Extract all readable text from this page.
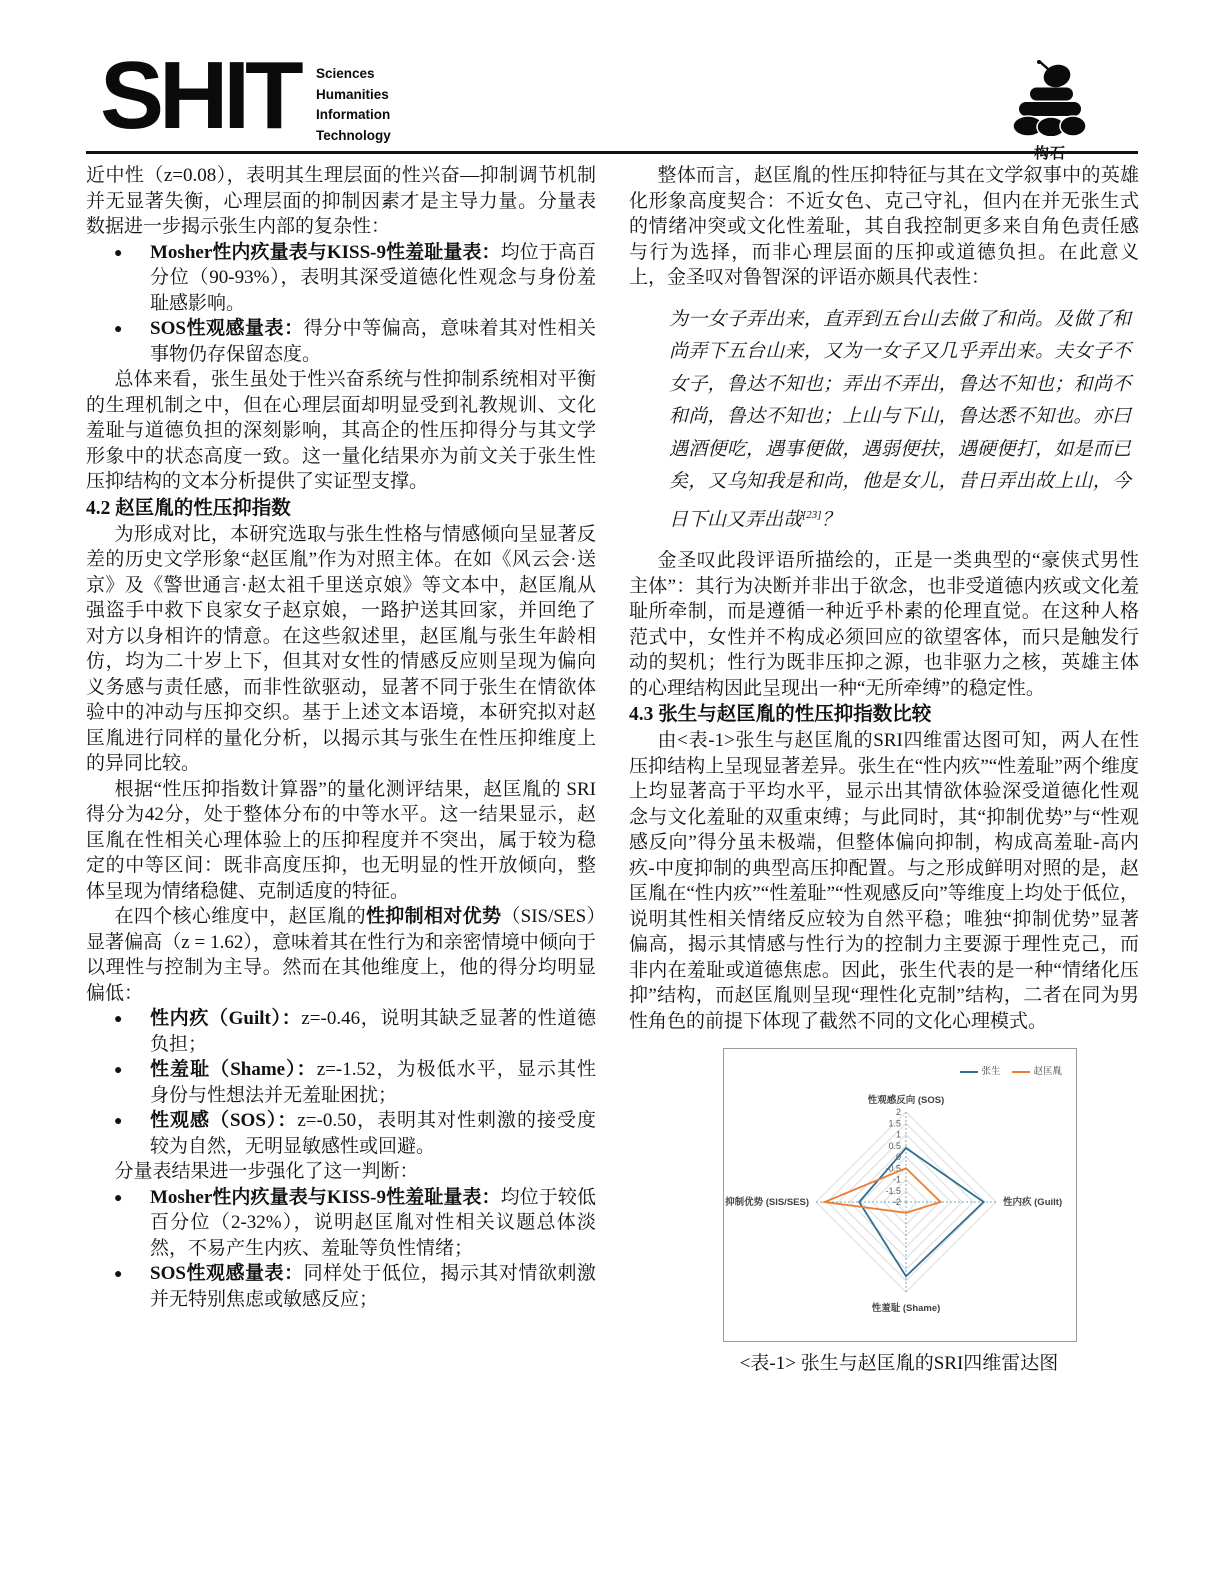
SHIT Sciences
Humanities
Information
Technology

近中性（z=0.08），表明其生理层面的性兴奋—抑制调节机制并无显著失衡，心理层面的抑制因素才是主导力量。分量表数据进一步揭示张生内部的复杂性：

● Mosher性内疚量表与KISS-9性羞耻量表：均位于高百分位（90-93%），表明其深受道德化性观念与身份羞耻感影响。
● SOS性观感量表：得分中等偏高，意味着其对性相关事物仍存保留态度。

总体来看，张生虽处于性兴奋系统与性抑制系统相对平衡的生理机制之中，但在心理层面却明显受到礼教规训、文化羞耻与道德负担的深刻影响，其高企的性压抑得分与其文学形象中的状态高度一致。这一量化结果亦为前文关于张生性压抑结构的文本分析提供了实证型支撑。

4.2 赵匡胤的性压抑指数

为形成对比，本研究选取与张生性格与情感倾向呈显著反差的历史文学形象“赵匡胤”作为对照主体。在如《风云会·送京》及《警世通言·赵太祖千里送京娘》等文本中，赵匡胤从强盗手中救下良家女子赵京娘，一路护送其回家，并回绝了对方以身相许的情意。在这些叙述里，赵匡胤与张生年龄相仿，均为二十岁上下，但其对女性的情感反应则呈现为偏向义务感与责任感，而非性欲驱动，显著不同于张生在情欲体验中的冲动与压抑交织。基于上述文本语境，本研究拟对赵匡胤进行同样的量化分析，以揭示其与张生在性压抑维度上的异同比较。

根据“性压抑指数计算器”的量化测评结果，赵匡胤的 SRI 得分为42分，处于整体分布的中等水平。这一结果显示，赵匡胤在性相关心理体验上的压抑程度并不突出，属于较为稳定的中等区间：既非高度压抑，也无明显的性开放倾向，整体呈现为情绪稳健、克制适度的特征。

在四个核心维度中，赵匡胤的性抑制相对优势（SIS/SES）显著偏高（z = 1.62），意味着其在性行为和亲密情境中倾向于以理性与控制为主导。然而在其他维度上，他的得分均明显偏低：

● 性内疚（Guilt）：z=-0.46，说明其缺乏显著的性道德负担；
● 性羞耻（Shame）：z=-1.52，为极低水平，显示其性身份与性想法并无羞耻困扰；
● 性观感（SOS）：z=-0.50，表明其对性刺激的接受度较为自然，无明显敏感性或回避。

分量表结果进一步强化了这一判断：

● Mosher性内疚量表与KISS-9性羞耻量表：均位于较低百分位（2-32%），说明赵匡胤对性相关议题总体淡然，不易产生内疚、羞耻等负性情绪；
● SOS性观感量表：同样处于低位，揭示其对情欲刺激并无特别焦虑或敏感反应；

整体而言，赵匡胤的性压抑特征与其在文学叙事中的英雄化形象高度契合：不近女色、克己守礼，但内在并无张生式的情绪冲突或文化性羞耻，其自我控制更多来自角色责任感与行为选择，而非心理层面的压抑或道德负担。在此意义上，金圣叹对鲁智深的评语亦颇具代表性：

为一女子弄出来，直弄到五台山去做了和尚。及做了和尚弄下五台山来，又为一女子又几乎弄出来。夫女子不女子，鲁达不知也；弄出不弄出，鲁达不知也；和尚不和尚，鲁达不知也；上山与下山，鲁达悉不知也。亦曰遇酒便吃，遇事便做，遇弱便扶，遇硬便打，如是而已矣，又乌知我是和尚，他是女儿，昔日弄出故上山，今日下山又弄出哉[23]？

金圣叹此段评语所描绘的，正是一类典型的“豪侠式男性主体”：其行为决断并非出于欲念，也非受道德内疚或文化羞耻所牵制，而是遵循一种近乎朴素的伦理直觉。在这种人格范式中，女性并不构成必须回应的欲望客体，而只是触发行动的契机；性行为既非压抑之源，也非驱力之核，英雄主体的心理结构因此呈现出一种“无所牵缚”的稳定性。

4.3 张生与赵匡胤的性压抑指数比较

由<表-1>张生与赵匡胤的SRI四维雷达图可知，两人在性压抑结构上呈现显著差异。张生在“性内疚”“性羞耻”两个维度上均显著高于平均水平，显示出其情欲体验深受道德化性观念与文化羞耻的双重束缚；与此同时，其“抑制优势”与“性观感反向”得分虽未极端，但整体偏向抑制，构成高羞耻-高内疚-中度抑制的典型高压抑配置。与之形成鲜明对照的是，赵匡胤在“性内疚”“性羞耻”“性观感反向”等维度上均处于低位，说明其性相关情绪反应较为自然平稳；唯独“抑制优势”显著偏高，揭示其情感与性行为的控制力主要源于理性克己，而非内在羞耻或道德焦虑。因此，张生代表的是一种“情绪化压抑”结构，而赵匡胤则呈现“理性化克制”结构，二者在同为男性角色的前提下体现了截然不同的文化心理模式。

2
1.5
1
0.5
0
-0.5
-1
-1.5
-2
性观感反向 (SOS)
性内疚 (Guilt)
性羞耻 (Shame)
抑制优势 (SIS/SES)
张生	赵匡胤
<表-1> 张生与赵匡胤的SRI四维雷达图
